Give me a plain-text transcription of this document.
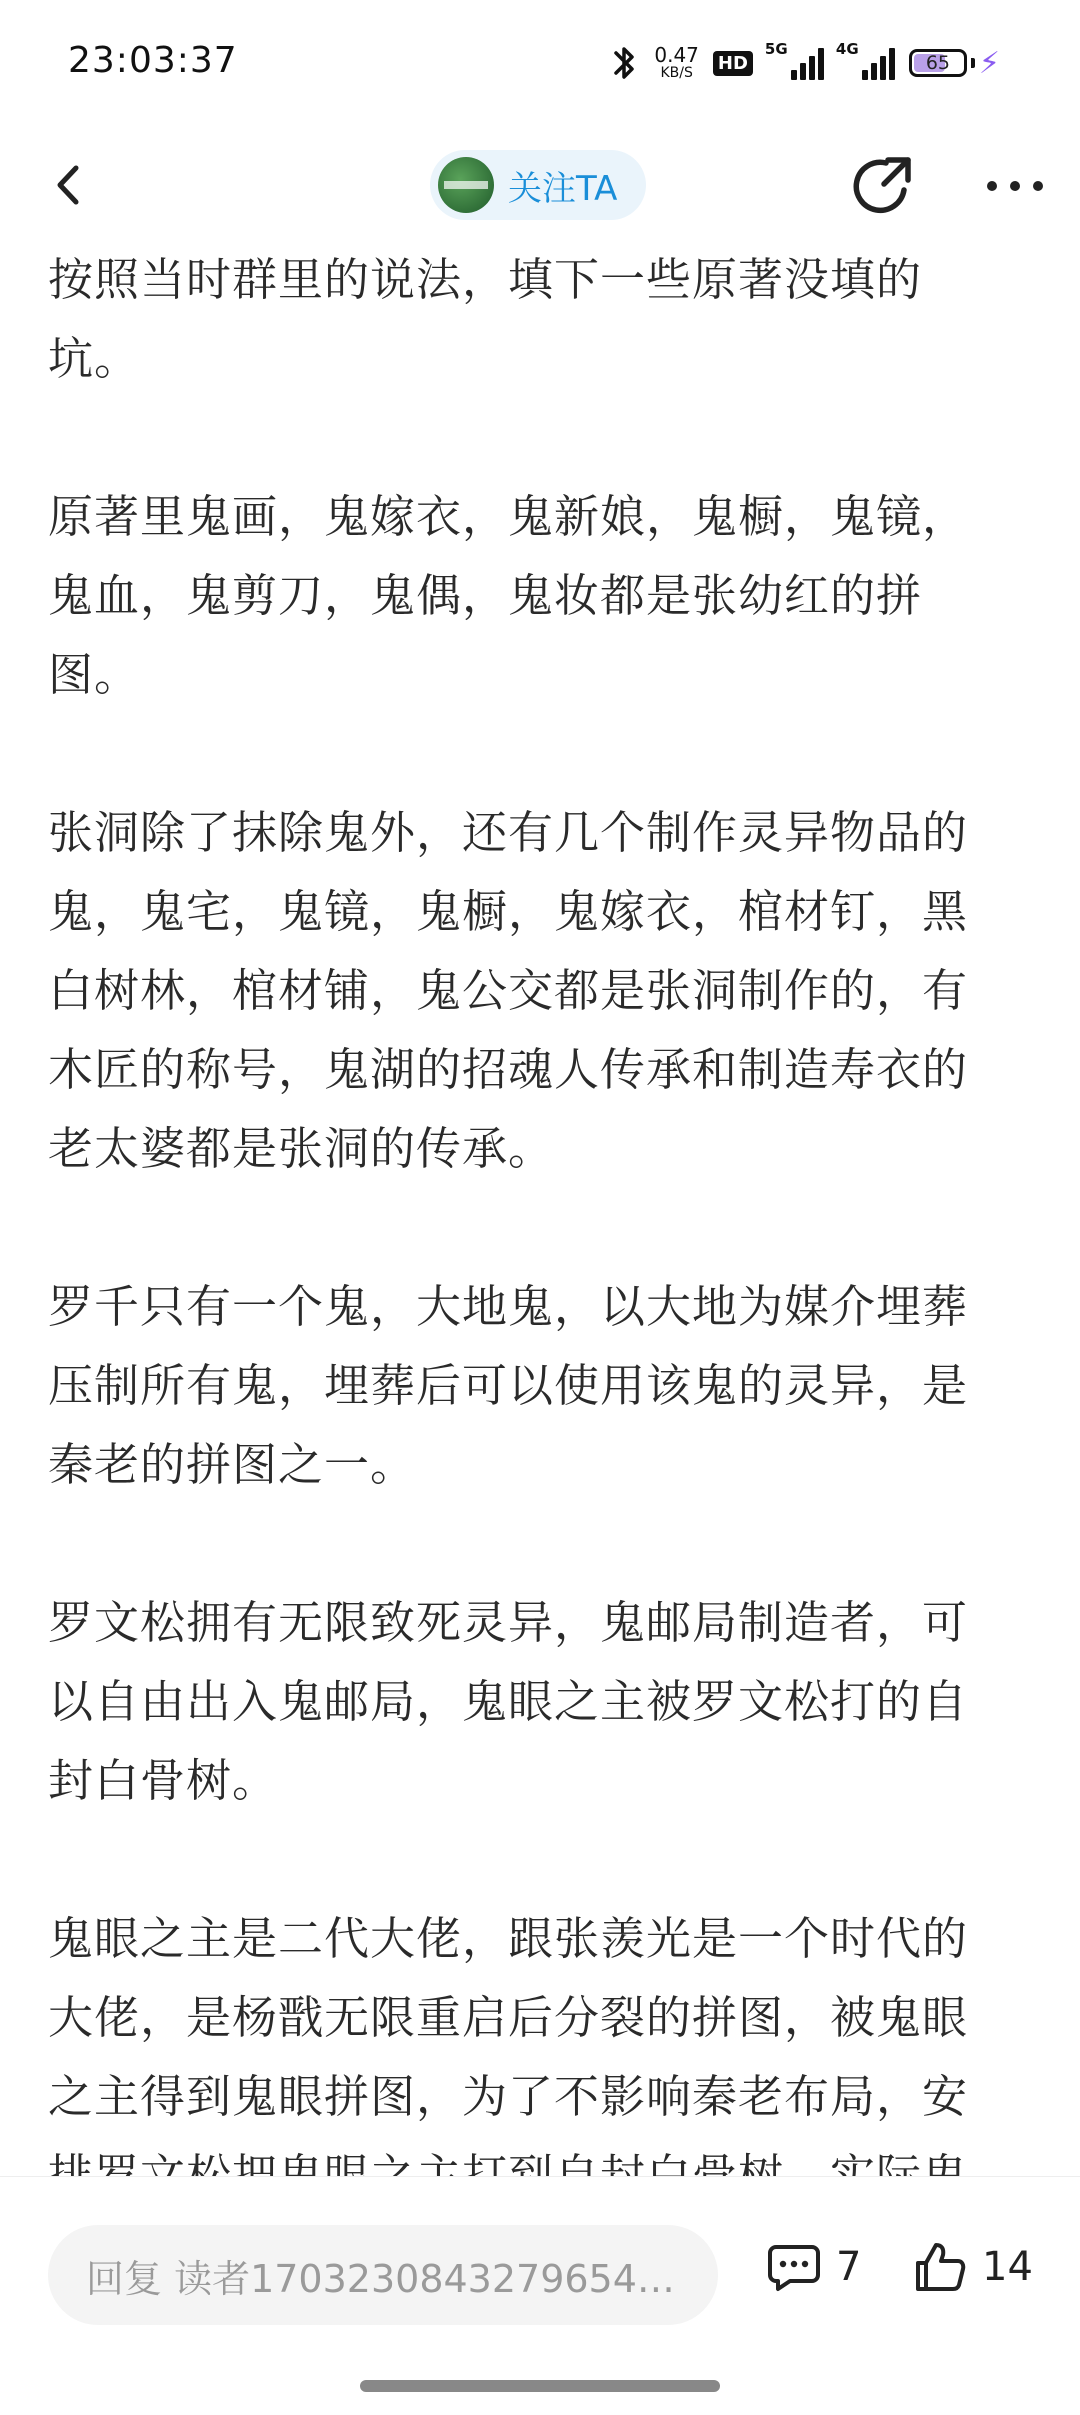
23:03:37	0.47
KB/S HD
5G	4G
65 ⚡︎
关注TA

按照当时群里的说法，填下一些原著没填的
坑。

原著里鬼画，鬼嫁衣，鬼新娘，鬼橱，鬼镜，
鬼血，鬼剪刀，鬼偶，鬼妆都是张幼红的拼
图。

张洞除了抹除鬼外，还有几个制作灵异物品的
鬼，鬼宅，鬼镜，鬼橱，鬼嫁衣，棺材钉，黑
白树林，棺材铺，鬼公交都是张洞制作的，有
木匠的称号，鬼湖的招魂人传承和制造寿衣的
老太婆都是张洞的传承。

罗千只有一个鬼，大地鬼，以大地为媒介埋葬
压制所有鬼，埋葬后可以使用该鬼的灵异，是
秦老的拼图之一。

罗文松拥有无限致死灵异，鬼邮局制造者，可
以自由出入鬼邮局，鬼眼之主被罗文松打的自
封白骨树。

鬼眼之主是二代大佬，跟张羡光是一个时代的
大佬，是杨戬无限重启后分裂的拼图，被鬼眼
之主得到鬼眼拼图，为了不影响秦老布局，安

回复 读者1703230843279654…	7	14
